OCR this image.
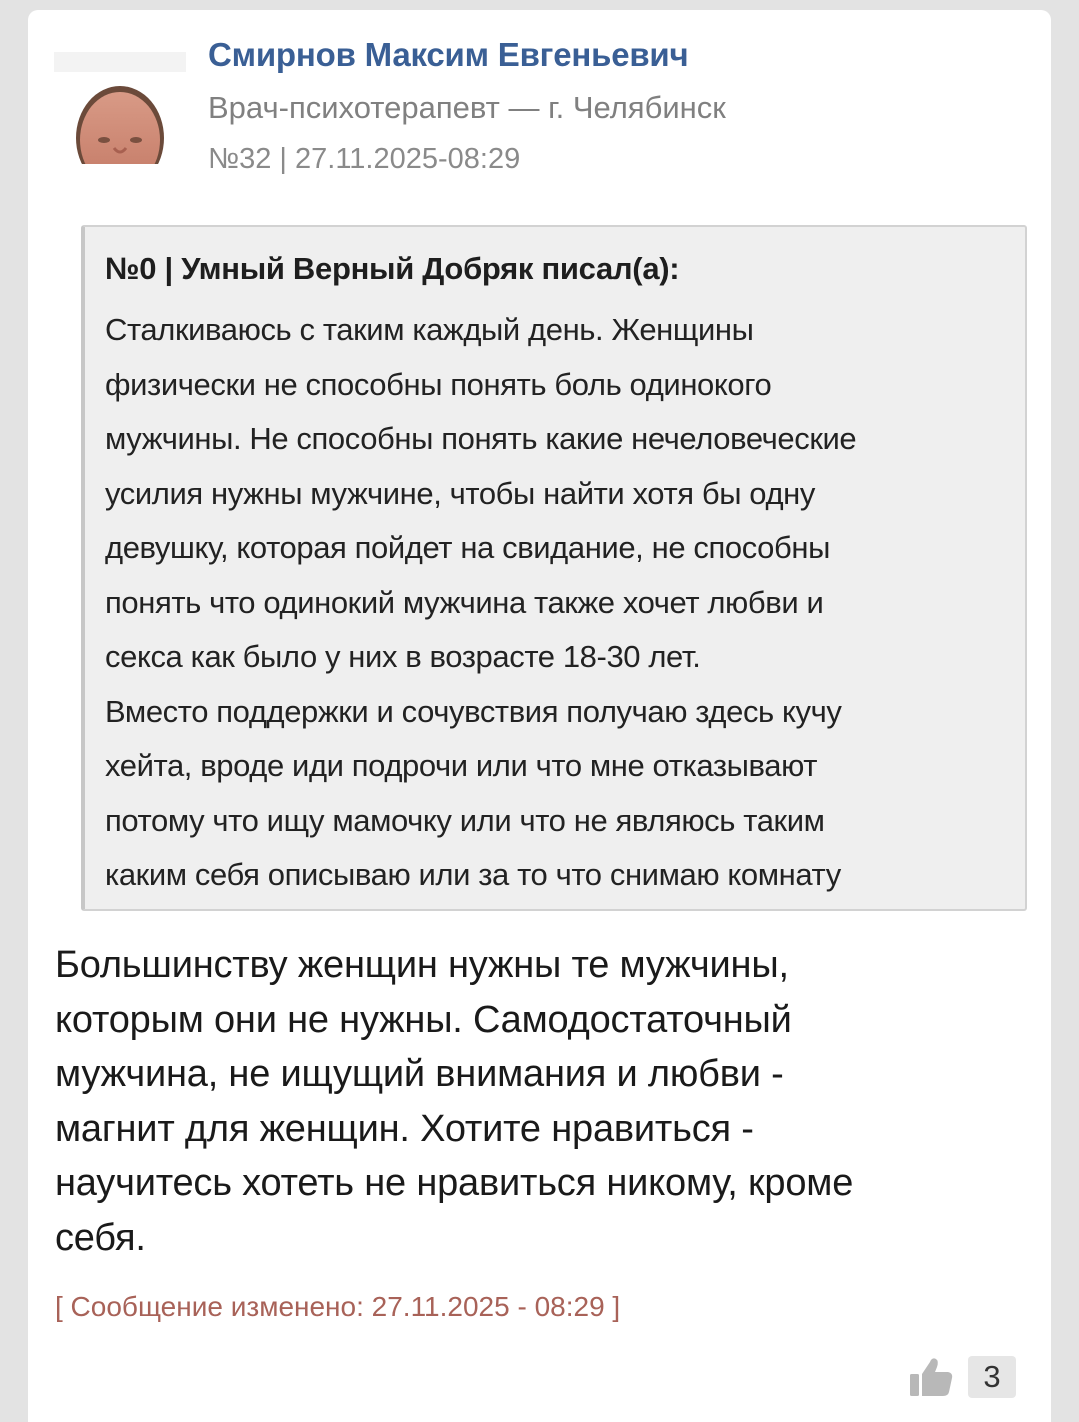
Смирнов Максим Евгеньевич
Врач-психотерапевт — г. Челябинск
№32 | 27.11.2025-08:29
№0 | Умный Верный Добряк писал(а):
Сталкиваюсь с таким каждый день. Женщины
физически не способны понять боль одинокого
мужчины. Не способны понять какие нечеловеческие
усилия нужны мужчине, чтобы найти хотя бы одну
девушку, которая пойдет на свидание, не способны
понять что одинокий мужчина также хочет любви и
секса как было у них в возрасте 18-30 лет.
Вместо поддержки и сочувствия получаю здесь кучу
хейта, вроде иди подрочи или что мне отказывают
потому что ищу мамочку или что не являюсь таким
каким себя описываю или за то что снимаю комнату
Большинству женщин нужны те мужчины,
которым они не нужны. Самодостаточный
мужчина, не ищущий внимания и любви -
магнит для женщин. Хотите нравиться -
научитесь хотеть не нравиться никому, кроме
себя.
[ Сообщение изменено: 27.11.2025 - 08:29 ]
3
